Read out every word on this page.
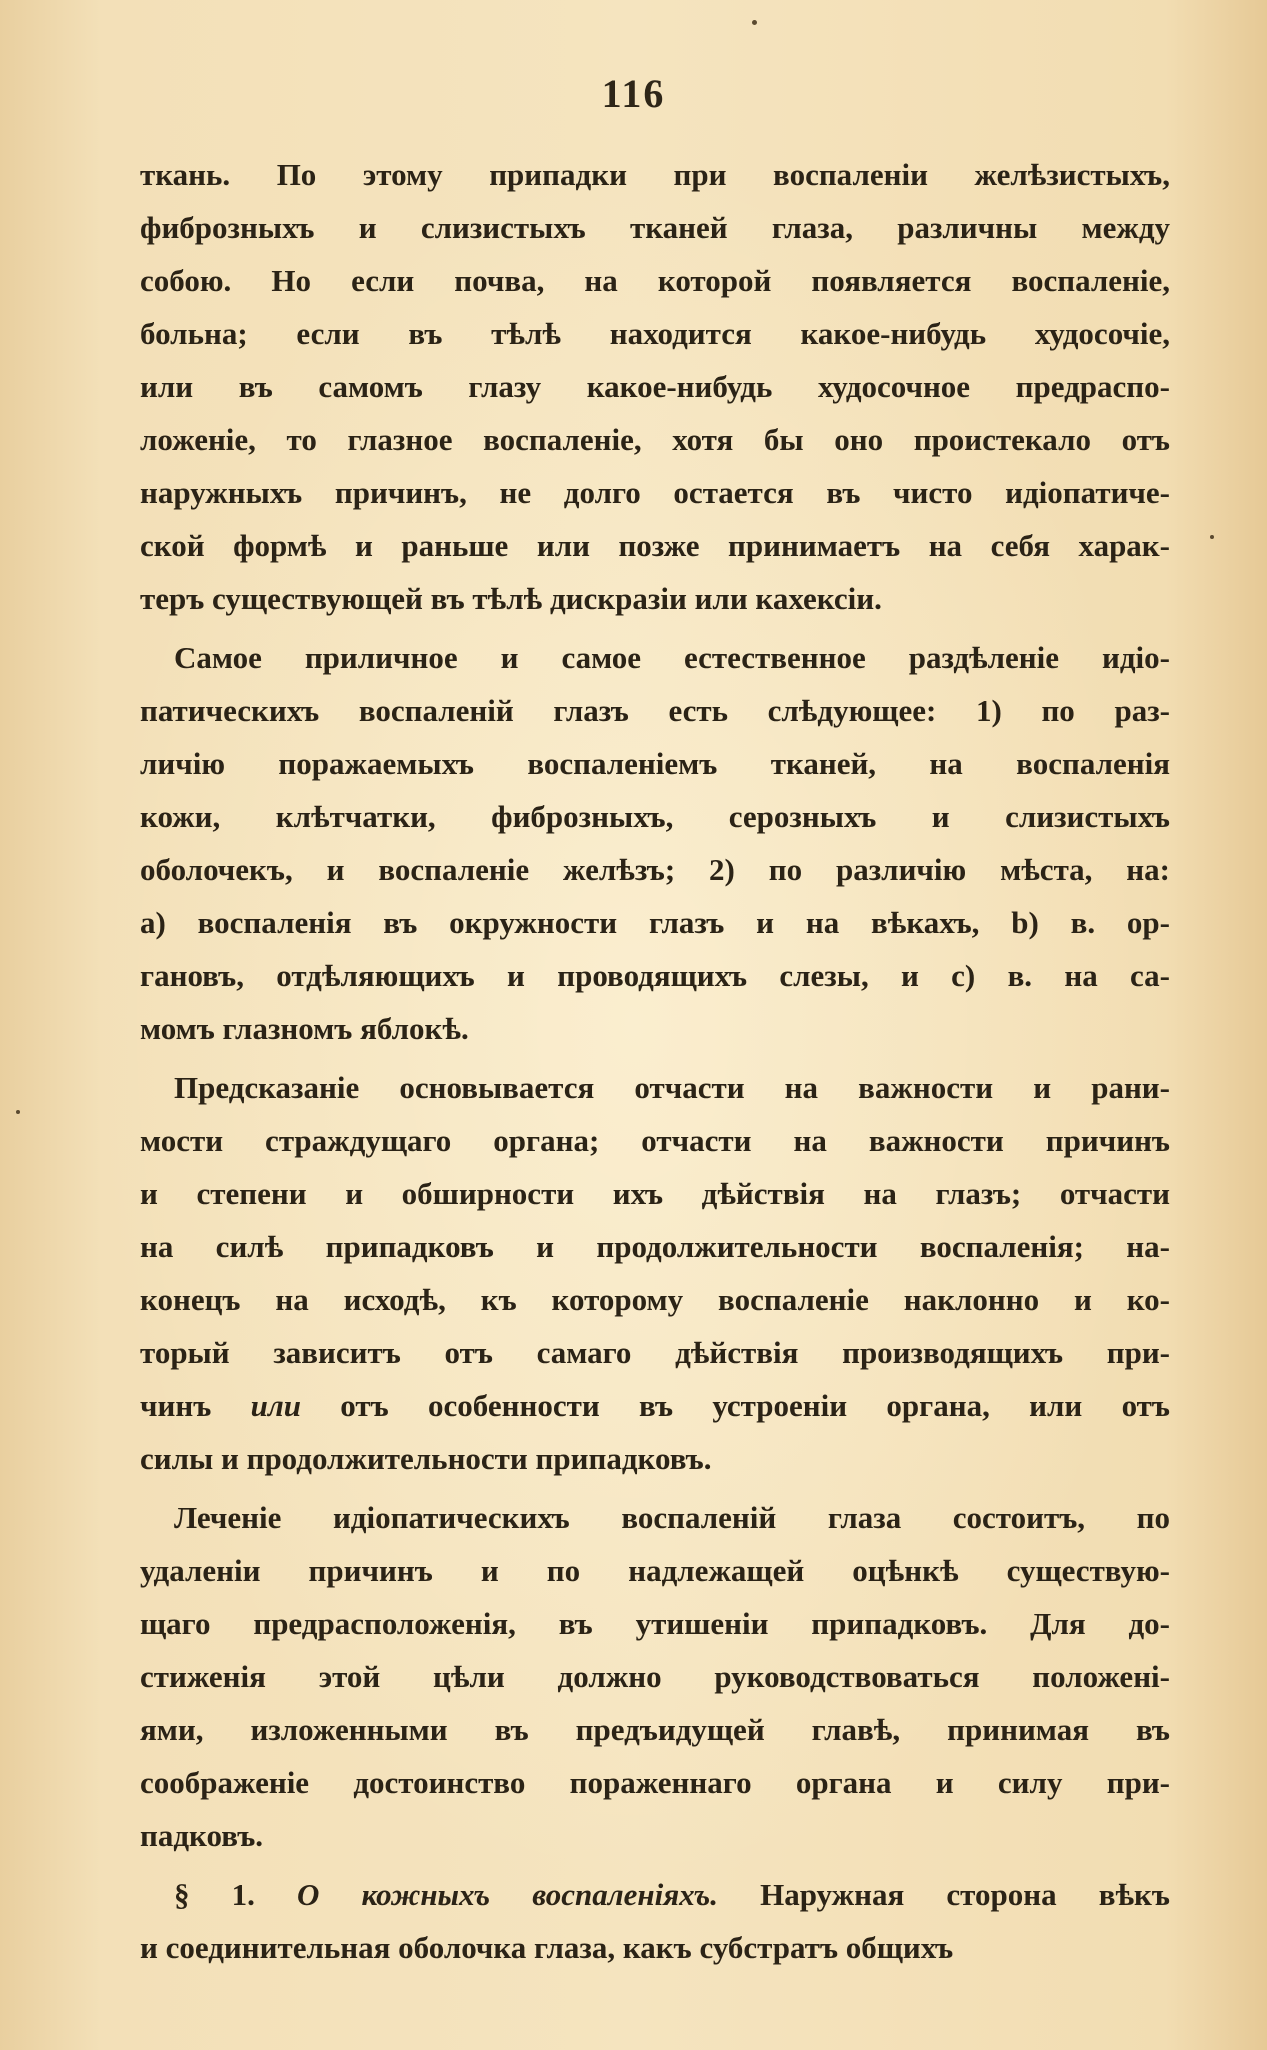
116
ткань. По этому припадки при воспаленіи желѣзистыхъ,
фиброзныхъ и слизистыхъ тканей глаза, различны между
собою. Но если почва, на которой появляется воспаленіе,
больна; если въ тѣлѣ находится какое-нибудь худосочіе,
или въ самомъ глазу какое-нибудь худосочное предраспо-
ложеніе, то глазное воспаленіе, хотя бы оно проистекало отъ
наружныхъ причинъ, не долго остается въ чисто идіопатиче-
ской формѣ и раньше или позже принимаетъ на себя харак-
теръ существующей въ тѣлѣ дискразіи или кахексіи.
Самое приличное и самое естественное раздѣленіе идіо-
патическихъ воспаленій глазъ есть слѣдующее: 1) по раз-
личію поражаемыхъ воспаленіемъ тканей, на воспаленія
кожи, клѣтчатки, фиброзныхъ, серозныхъ и слизистыхъ
оболочекъ, и воспаленіе желѣзъ; 2) по различію мѣста, на:
a) воспаленія въ окружности глазъ и на вѣкахъ, b) в. ор-
гановъ, отдѣляющихъ и проводящихъ слезы, и с) в. на са-
момъ глазномъ яблокѣ.
Предсказаніе основывается отчасти на важности и рани-
мости страждущаго органа; отчасти на важности причинъ
и степени и обширности ихъ дѣйствія на глазъ; отчасти
на силѣ припадковъ и продолжительности воспаленія; на-
конецъ на исходѣ, къ которому воспаленіе наклонно и ко-
торый зависитъ отъ самаго дѣйствія производящихъ при-
чинъ или отъ особенности въ устроеніи органа, или отъ
силы и продолжительности припадковъ.
Леченіе идіопатическихъ воспаленій глаза состоитъ, по
удаленіи причинъ и по надлежащей оцѣнкѣ существую-
щаго предрасположенія, въ утишеніи припадковъ. Для до-
стиженія этой цѣли должно руководствоваться положені-
ями, изложенными въ предъидущей главѣ, принимая въ
соображеніе достоинство пораженнаго органа и силу при-
падковъ.
§ 1. О кожныхъ воспаленіяхъ. Наружная сторона вѣкъ
и соединительная оболочка глаза, какъ субстратъ общихъ
